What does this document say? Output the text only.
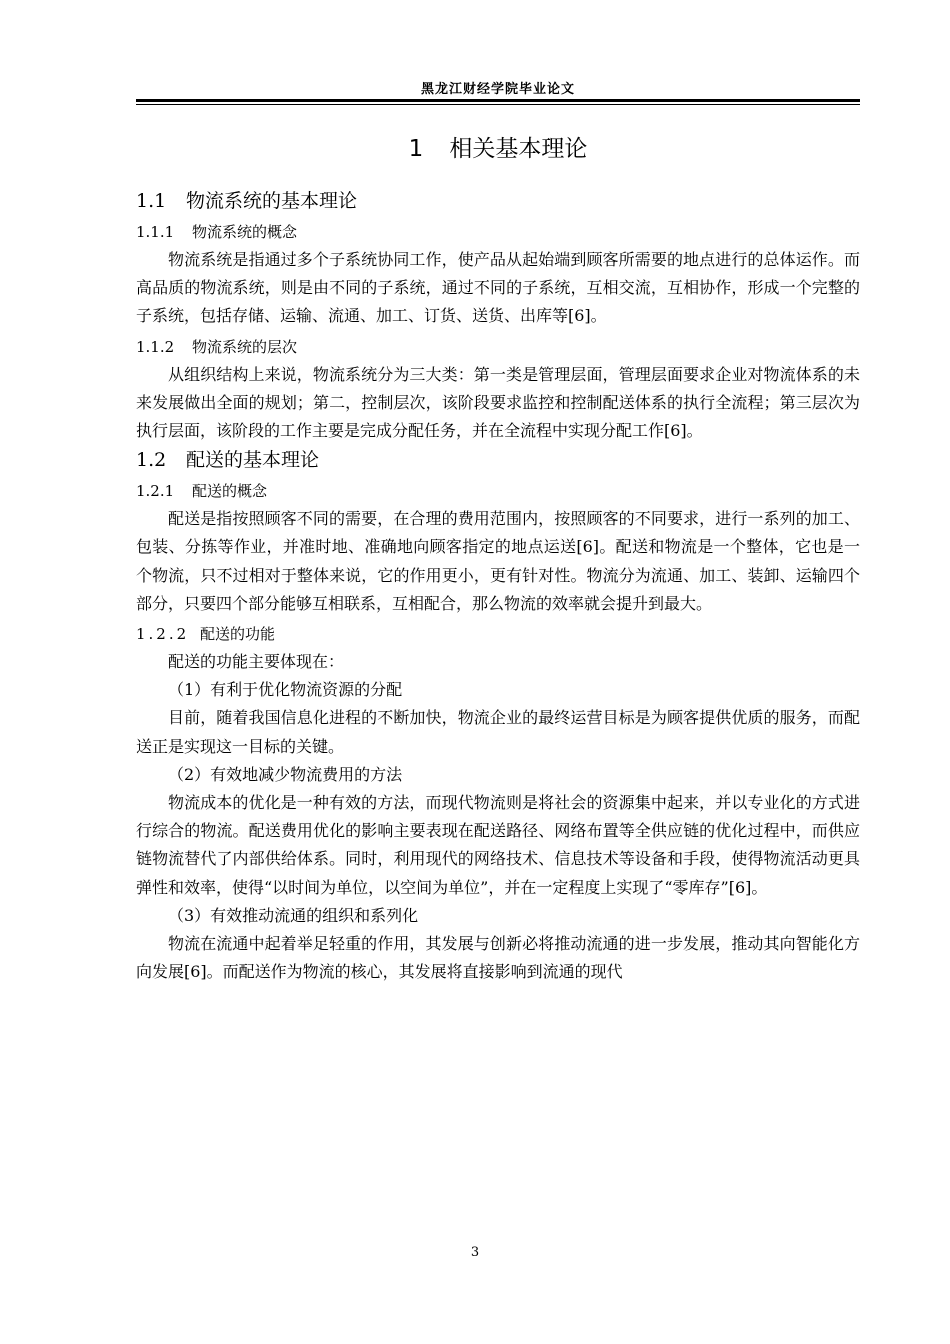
黑龙江财经学院毕业论文
1 相关基本理论
1.1 物流系统的基本理论
1.1.1 物流系统的概念

物流系统是指通过多个子系统协同工作，使产品从起始端到顾客所需要的地点进行的总体运作。而高品质的物流系统，则是由不同的子系统，通过不同的子系统，互相交流，互相协作，形成一个完整的子系统，包括存储、运输、流通、加工、订货、送货、出库等[6]。

1.1.2 物流系统的层次

从组织结构上来说，物流系统分为三大类：第一类是管理层面，管理层面要求企业对物流体系的未来发展做出全面的规划；第二，控制层次，该阶段要求监控和控制配送体系的执行全流程；第三层次为执行层面，该阶段的工作主要是完成分配任务，并在全流程中实现分配工作[6]。

1.2 配送的基本理论
1.2.1 配送的概念

配送是指按照顾客不同的需要，在合理的费用范围内，按照顾客的不同要求，进行一系列的加工、包装、分拣等作业，并准时地、准确地向顾客指定的地点运送[6]。配送和物流是一个整体，它也是一个物流，只不过相对于整体来说，它的作用更小，更有针对性。物流分为流通、加工、装卸、运输四个部分，只要四个部分能够互相联系，互相配合，那么物流的效率就会提升到最大。

1.2.2 配送的功能

配送的功能主要体现在：

（1）有利于优化物流资源的分配

目前，随着我国信息化进程的不断加快，物流企业的最终运营目标是为顾客提供优质的服务，而配送正是实现这一目标的关键。

（2）有效地减少物流费用的方法

物流成本的优化是一种有效的方法，而现代物流则是将社会的资源集中起来，并以专业化的方式进行综合的物流。配送费用优化的影响主要表现在配送路径、网络布置等全供应链的优化过程中，而供应链物流替代了内部供给体系。同时，利用现代的网络技术、信息技术等设备和手段，使得物流活动更具弹性和效率，使得“以时间为单位，以空间为单位”，并在一定程度上实现了“零库存”[6]。

（3）有效推动流通的组织和系列化

物流在流通中起着举足轻重的作用，其发展与创新必将推动流通的进一步发展，推动其向智能化方向发展[6]。而配送作为物流的核心，其发展将直接影响到流通的现代

3
